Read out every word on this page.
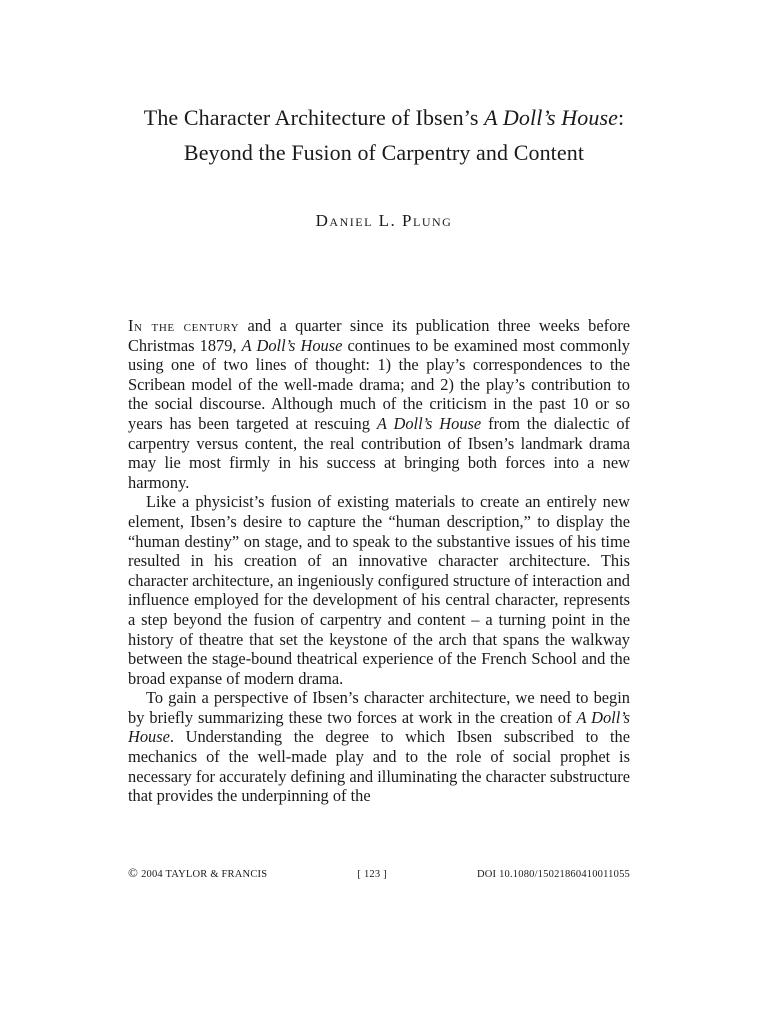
The Character Architecture of Ibsen’s A Doll’s House: Beyond the Fusion of Carpentry and Content
Daniel L. Plung

In the century and a quarter since its publication three weeks before Christmas 1879, A Doll’s House continues to be examined most commonly using one of two lines of thought: 1) the play’s correspondences to the Scribean model of the well-made drama; and 2) the play’s contribution to the social discourse. Although much of the criticism in the past 10 or so years has been targeted at rescuing A Doll’s House from the dialectic of carpentry versus content, the real contribution of Ibsen’s landmark drama may lie most firmly in his success at bringing both forces into a new harmony.

Like a physicist’s fusion of existing materials to create an entirely new element, Ibsen’s desire to capture the “human description,” to display the “human destiny” on stage, and to speak to the substantive issues of his time resulted in his creation of an innovative character architecture. This character architecture, an ingeniously configured structure of interaction and influence employed for the development of his central character, represents a step beyond the fusion of carpentry and content – a turning point in the history of theatre that set the keystone of the arch that spans the walkway between the stage-bound theatrical experience of the French School and the broad expanse of modern drama.

To gain a perspective of Ibsen’s character architecture, we need to begin by briefly summarizing these two forces at work in the creation of A Doll’s House. Understanding the degree to which Ibsen subscribed to the mechanics of the well-made play and to the role of social prophet is necessary for accurately defining and illuminating the character substructure that provides the underpinning of the

© 2004 TAYLOR & FRANCIS	[ 123 ]	DOI 10.1080/15021860410011055
